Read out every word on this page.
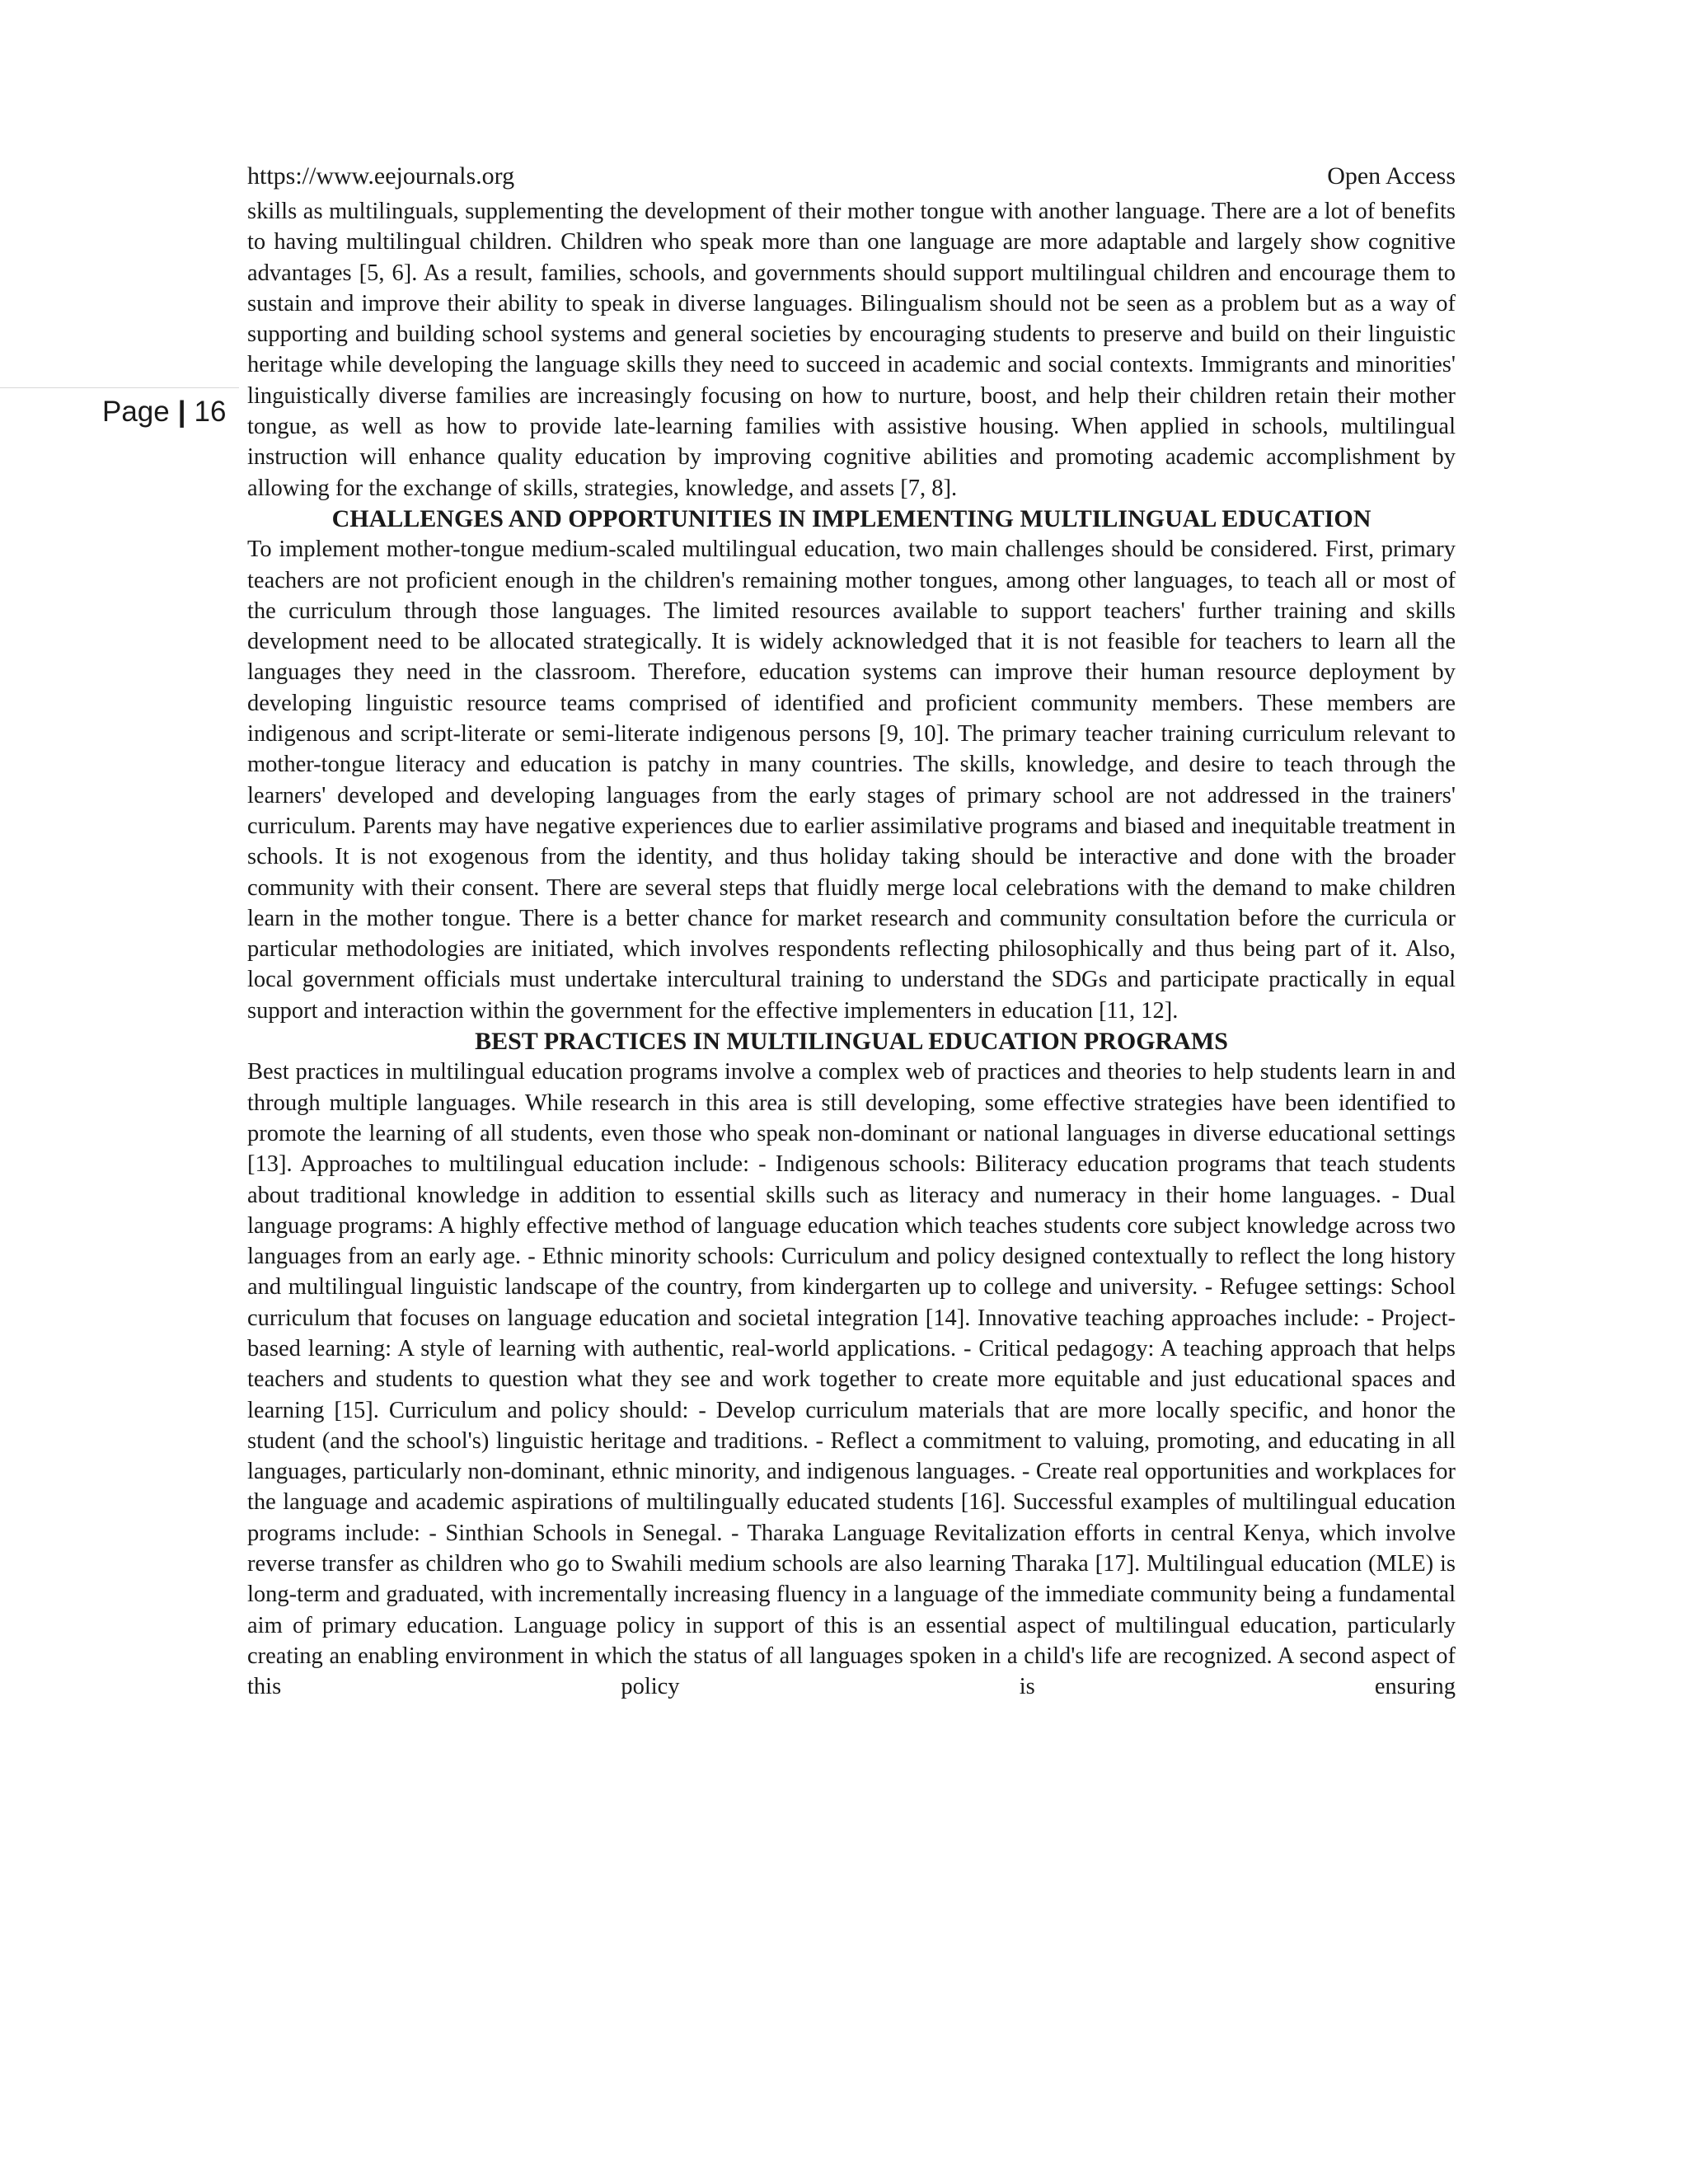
https://www.eejournals.org	Open Access
Page | 16

skills as multilinguals, supplementing the development of their mother tongue with another language. There are a lot of benefits to having multilingual children. Children who speak more than one language are more adaptable and largely show cognitive advantages [5, 6]. As a result, families, schools, and governments should support multilingual children and encourage them to sustain and improve their ability to speak in diverse languages. Bilingualism should not be seen as a problem but as a way of supporting and building school systems and general societies by encouraging students to preserve and build on their linguistic heritage while developing the language skills they need to succeed in academic and social contexts. Immigrants and minorities' linguistically diverse families are increasingly focusing on how to nurture, boost, and help their children retain their mother tongue, as well as how to provide late-learning families with assistive housing. When applied in schools, multilingual instruction will enhance quality education by improving cognitive abilities and promoting academic accomplishment by allowing for the exchange of skills, strategies, knowledge, and assets [7, 8].

CHALLENGES AND OPPORTUNITIES IN IMPLEMENTING MULTILINGUAL EDUCATION

To implement mother-tongue medium-scaled multilingual education, two main challenges should be considered. First, primary teachers are not proficient enough in the children's remaining mother tongues, among other languages, to teach all or most of the curriculum through those languages. The limited resources available to support teachers' further training and skills development need to be allocated strategically. It is widely acknowledged that it is not feasible for teachers to learn all the languages they need in the classroom. Therefore, education systems can improve their human resource deployment by developing linguistic resource teams comprised of identified and proficient community members. These members are indigenous and script-literate or semi-literate indigenous persons [9, 10]. The primary teacher training curriculum relevant to mother-tongue literacy and education is patchy in many countries. The skills, knowledge, and desire to teach through the learners' developed and developing languages from the early stages of primary school are not addressed in the trainers' curriculum. Parents may have negative experiences due to earlier assimilative programs and biased and inequitable treatment in schools. It is not exogenous from the identity, and thus holiday taking should be interactive and done with the broader community with their consent. There are several steps that fluidly merge local celebrations with the demand to make children learn in the mother tongue. There is a better chance for market research and community consultation before the curricula or particular methodologies are initiated, which involves respondents reflecting philosophically and thus being part of it. Also, local government officials must undertake intercultural training to understand the SDGs and participate practically in equal support and interaction within the government for the effective implementers in education [11, 12].

BEST PRACTICES IN MULTILINGUAL EDUCATION PROGRAMS

Best practices in multilingual education programs involve a complex web of practices and theories to help students learn in and through multiple languages. While research in this area is still developing, some effective strategies have been identified to promote the learning of all students, even those who speak non-dominant or national languages in diverse educational settings [13]. Approaches to multilingual education include: - Indigenous schools: Biliteracy education programs that teach students about traditional knowledge in addition to essential skills such as literacy and numeracy in their home languages. - Dual language programs: A highly effective method of language education which teaches students core subject knowledge across two languages from an early age. - Ethnic minority schools: Curriculum and policy designed contextually to reflect the long history and multilingual linguistic landscape of the country, from kindergarten up to college and university. - Refugee settings: School curriculum that focuses on language education and societal integration [14]. Innovative teaching approaches include: - Project-based learning: A style of learning with authentic, real-world applications. - Critical pedagogy: A teaching approach that helps teachers and students to question what they see and work together to create more equitable and just educational spaces and learning [15]. Curriculum and policy should: - Develop curriculum materials that are more locally specific, and honor the student (and the school's) linguistic heritage and traditions. - Reflect a commitment to valuing, promoting, and educating in all languages, particularly non-dominant, ethnic minority, and indigenous languages. - Create real opportunities and workplaces for the language and academic aspirations of multilingually educated students [16]. Successful examples of multilingual education programs include: - Sinthian Schools in Senegal. - Tharaka Language Revitalization efforts in central Kenya, which involve reverse transfer as children who go to Swahili medium schools are also learning Tharaka [17]. Multilingual education (MLE) is long-term and graduated, with incrementally increasing fluency in a language of the immediate community being a fundamental aim of primary education. Language policy in support of this is an essential aspect of multilingual education, particularly creating an enabling environment in which the status of all languages spoken in a child's life are recognized. A second aspect of this policy is ensuring
